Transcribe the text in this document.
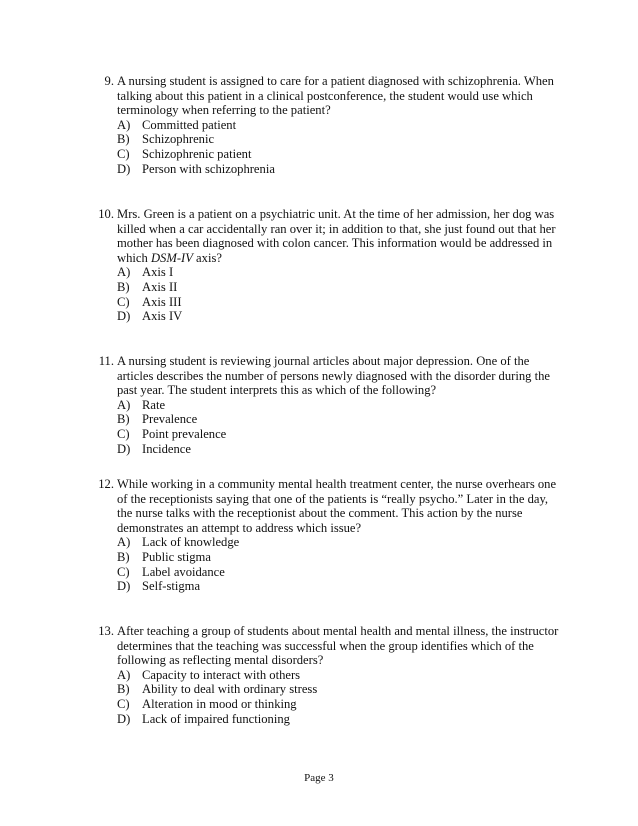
9. A nursing student is assigned to care for a patient diagnosed with schizophrenia. When talking about this patient in a clinical postconference, the student would use which terminology when referring to the patient?
A) Committed patient
B) Schizophrenic
C) Schizophrenic patient
D) Person with schizophrenia
10. Mrs. Green is a patient on a psychiatric unit. At the time of her admission, her dog was killed when a car accidentally ran over it; in addition to that, she just found out that her mother has been diagnosed with colon cancer. This information would be addressed in which DSM-IV axis?
A) Axis I
B) Axis II
C) Axis III
D) Axis IV
11. A nursing student is reviewing journal articles about major depression. One of the articles describes the number of persons newly diagnosed with the disorder during the past year. The student interprets this as which of the following?
A) Rate
B) Prevalence
C) Point prevalence
D) Incidence
12. While working in a community mental health treatment center, the nurse overhears one of the receptionists saying that one of the patients is “really psycho.” Later in the day, the nurse talks with the receptionist about the comment. This action by the nurse demonstrates an attempt to address which issue?
A) Lack of knowledge
B) Public stigma
C) Label avoidance
D) Self-stigma
13. After teaching a group of students about mental health and mental illness, the instructor determines that the teaching was successful when the group identifies which of the following as reflecting mental disorders?
A) Capacity to interact with others
B) Ability to deal with ordinary stress
C) Alteration in mood or thinking
D) Lack of impaired functioning
Page 3
